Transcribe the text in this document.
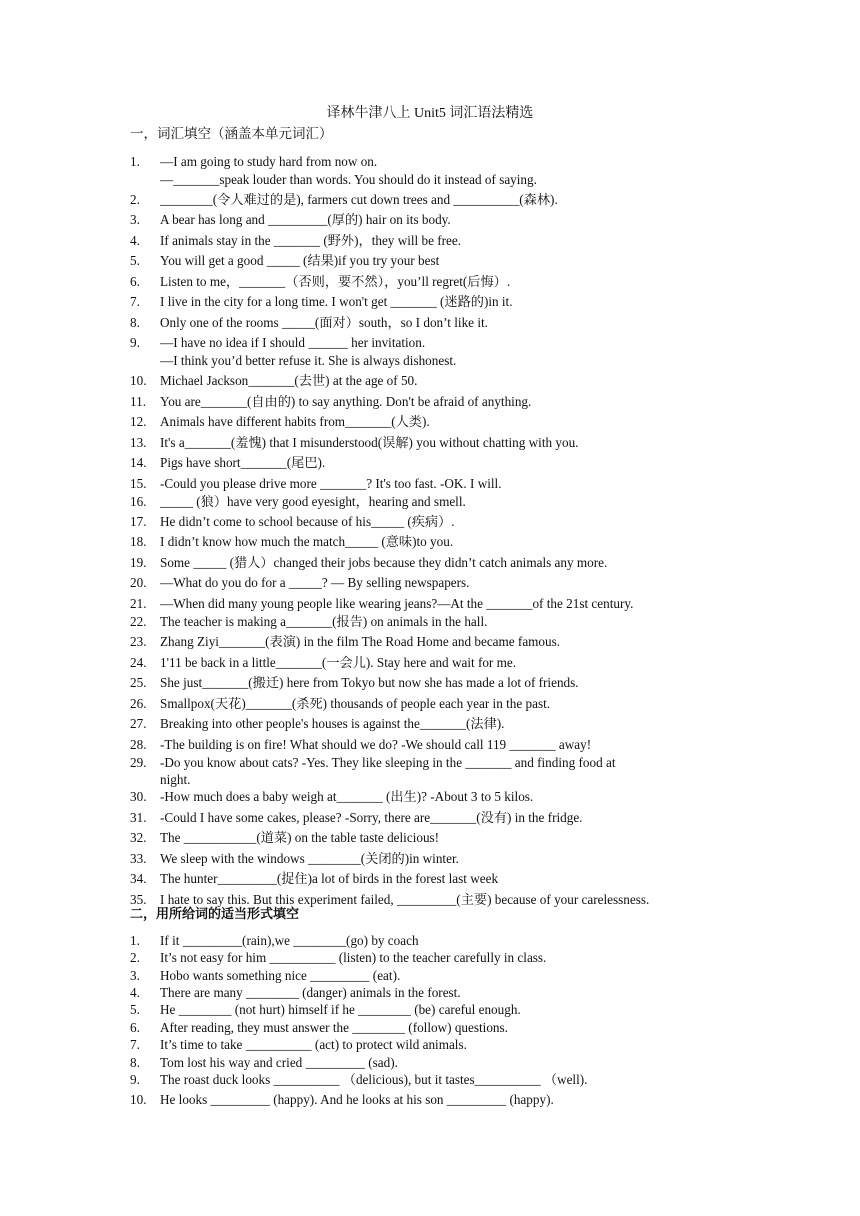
译林牛津八上 Unit5 词汇语法精选
一，词汇填空（涵盖本单元词汇）
1. —I am going to study hard from now on.
—_______speak louder than words. You should do it instead of saying.
2. ________(令人难过的是), farmers cut down trees and __________(森林).
3. A bear has long and _________(厚的) hair on its body.
4. If animals stay in the _______ (野外)，they will be free.
5. You will get a good _____ (结果)if you try your best
6. Listen to me，_______（否则，要不然），you’ll regret(后悔）.
7. I live in the city for a long time. I won't get _______ (迷路的)in it.
8. Only one of the rooms _____(面对）south，so I don’t like it.
9. —I have no idea if I should ______ her invitation.
—I think you’d better refuse it. She is always dishonest.
10. Michael Jackson_______(去世) at the age of 50.
11. You are_______(自由的) to say anything. Don't be afraid of anything.
12. Animals have different habits from_______(人类).
13. It's a_______(羞愧) that I misunderstood(误解) you without chatting with you.
14. Pigs have short_______(尾巴).
15. -Could you please drive more _______? It's too fast. -OK. I will.
16. _____ (狼）have very good eyesight，hearing and smell.
17. He didn’t come to school because of his_____ (疾病）.
18. I didn’t know how much the match_____ (意味)to you.
19. Some _____ (猎人）changed their jobs because they didn’t catch animals any more.
20. —What do you do for a _____? — By selling newspapers.
21. —When did many young people like wearing jeans?—At the _______of the 21st century.
22. The teacher is making a_______(报告) on animals in the hall.
23. Zhang Ziyi_______(表演) in the film The Road Home and became famous.
24. 1'11 be back in a little_______(一会儿). Stay here and wait for me.
25. She just_______(搬迁) here from Tokyo but now she has made a lot of friends.
26. Smallpox(天花)_______(杀死) thousands of people each year in the past.
27. Breaking into other people's houses is against the_______(法律).
28. -The building is on fire! What should we do? -We should call 119 _______ away!
29. -Do you know about cats? -Yes. They like sleeping in the _______ and finding food at
night.
30. -How much does a baby weigh at_______ (出生)? -About 3 to 5 kilos.
31. -Could I have some cakes, please? -Sorry, there are_______(没有) in the fridge.
32. The ___________(道菜) on the table taste delicious!
33. We sleep with the windows ________(关闭的)in winter.
34. The hunter_________(捉住)a lot of birds in the forest last week
35. I hate to say this. But this experiment failed, _________(主要) because of your carelessness.
二，用所给词的适当形式填空
1. If it _________(rain),we ________(go) by coach
2. It’s not easy for him __________ (listen) to the teacher carefully in class.
3. Hobo wants something nice _________ (eat).
4. There are many ________ (danger) animals in the forest.
5. He ________ (not hurt) himself if he ________ (be) careful enough.
6. After reading, they must answer the ________ (follow) questions.
7. It’s time to take __________ (act) to protect wild animals.
8. Tom lost his way and cried _________ (sad).
9. The roast duck looks __________ （delicious), but it tastes__________ （well).
10. He looks _________ (happy). And he looks at his son _________ (happy).
